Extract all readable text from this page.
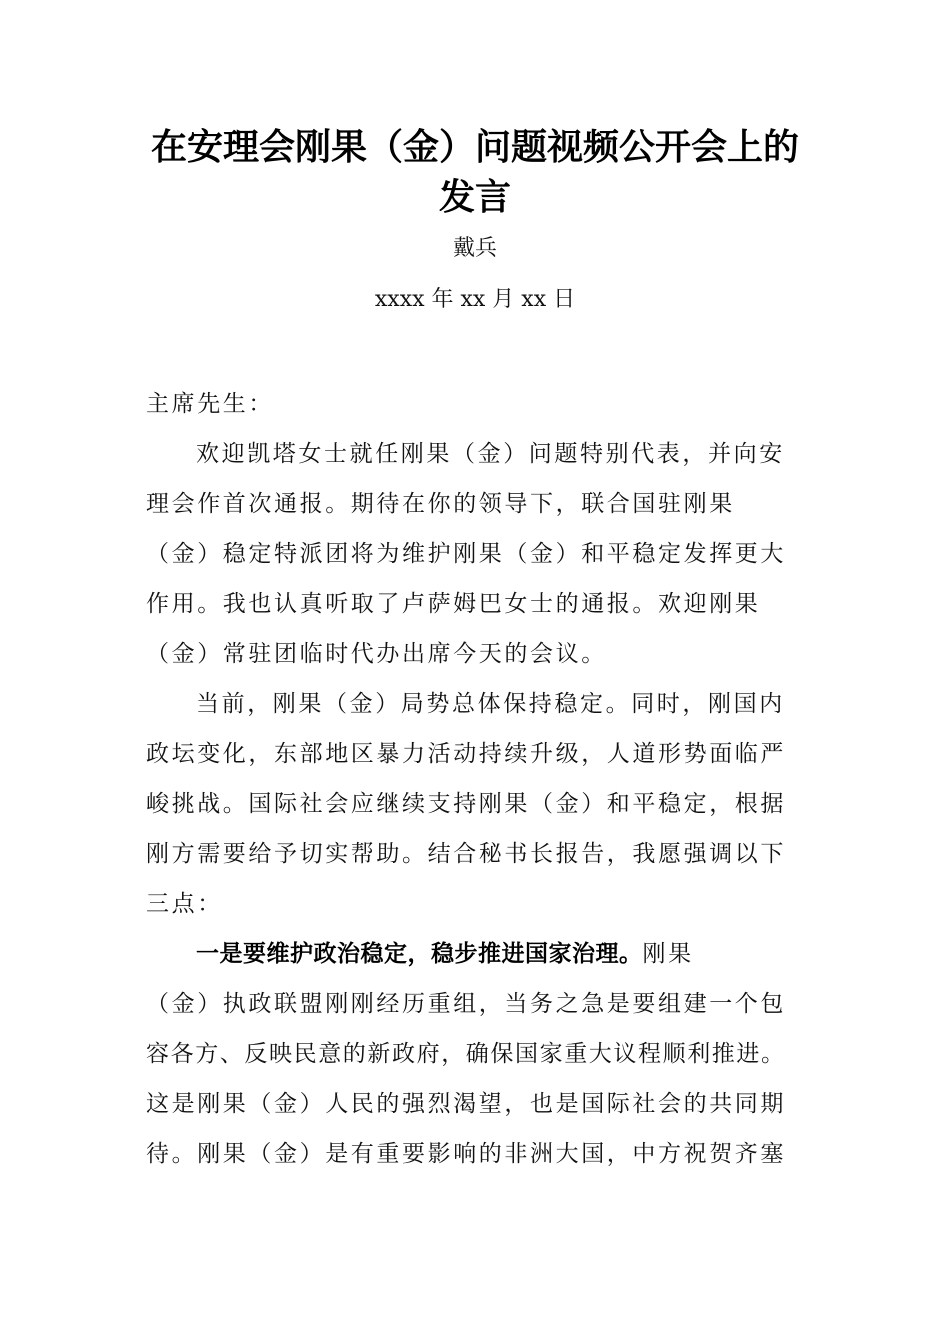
在安理会刚果（金）问题视频公开会上的
发言
戴兵
xxxx 年 xx 月 xx 日
主席先生：
欢迎凯塔女士就任刚果（金）问题特别代表，并向安
理会作首次通报。期待在你的领导下，联合国驻刚果
（金）稳定特派团将为维护刚果（金）和平稳定发挥更大
作用。我也认真听取了卢萨姆巴女士的通报。欢迎刚果
（金）常驻团临时代办出席今天的会议。
当前，刚果（金）局势总体保持稳定。同时，刚国内
政坛变化，东部地区暴力活动持续升级，人道形势面临严
峻挑战。国际社会应继续支持刚果（金）和平稳定，根据
刚方需要给予切实帮助。结合秘书长报告，我愿强调以下
三点：
一是要维护政治稳定，稳步推进国家治理。刚果
（金）执政联盟刚刚经历重组，当务之急是要组建一个包
容各方、反映民意的新政府，确保国家重大议程顺利推进。
这是刚果（金）人民的强烈渴望，也是国际社会的共同期
待。刚果（金）是有重要影响的非洲大国，中方祝贺齐塞
